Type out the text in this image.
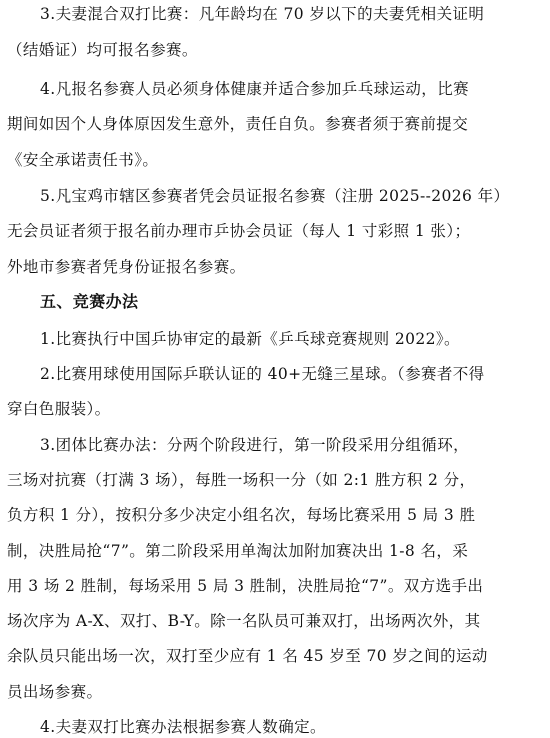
3.夫妻混合双打比赛：凡年龄均在 70 岁以下的夫妻凭相关证明
（结婚证）均可报名参赛。
4.凡报名参赛人员必须身体健康并适合参加乒乓球运动，比赛
期间如因个人身体原因发生意外，责任自负。参赛者须于赛前提交
《安全承诺责任书》。
5.凡宝鸡市辖区参赛者凭会员证报名参赛（注册 2025--2026 年）
无会员证者须于报名前办理市乒协会员证（每人 1 寸彩照 1 张）；
外地市参赛者凭身份证报名参赛。
五、竞赛办法
1.比赛执行中国乒协审定的最新《乒乓球竞赛规则 2022》。
2.比赛用球使用国际乒联认证的 40+无缝三星球。（参赛者不得
穿白色服装）。
3.团体比赛办法：分两个阶段进行，第一阶段采用分组循环，
三场对抗赛（打满 3 场），每胜一场积一分（如 2:1 胜方积 2 分，
负方积 1 分），按积分多少决定小组名次，每场比赛采用 5 局 3 胜
制，决胜局抢“7”。第二阶段采用单淘汰加附加赛决出 1-8 名，采
用 3 场 2 胜制，每场采用 5 局 3 胜制，决胜局抢“7”。双方选手出
场次序为 A-X、双打、B-Y。除一名队员可兼双打，出场两次外，其
余队员只能出场一次，双打至少应有 1 名 45 岁至 70 岁之间的运动
员出场参赛。
4.夫妻双打比赛办法根据参赛人数确定。
